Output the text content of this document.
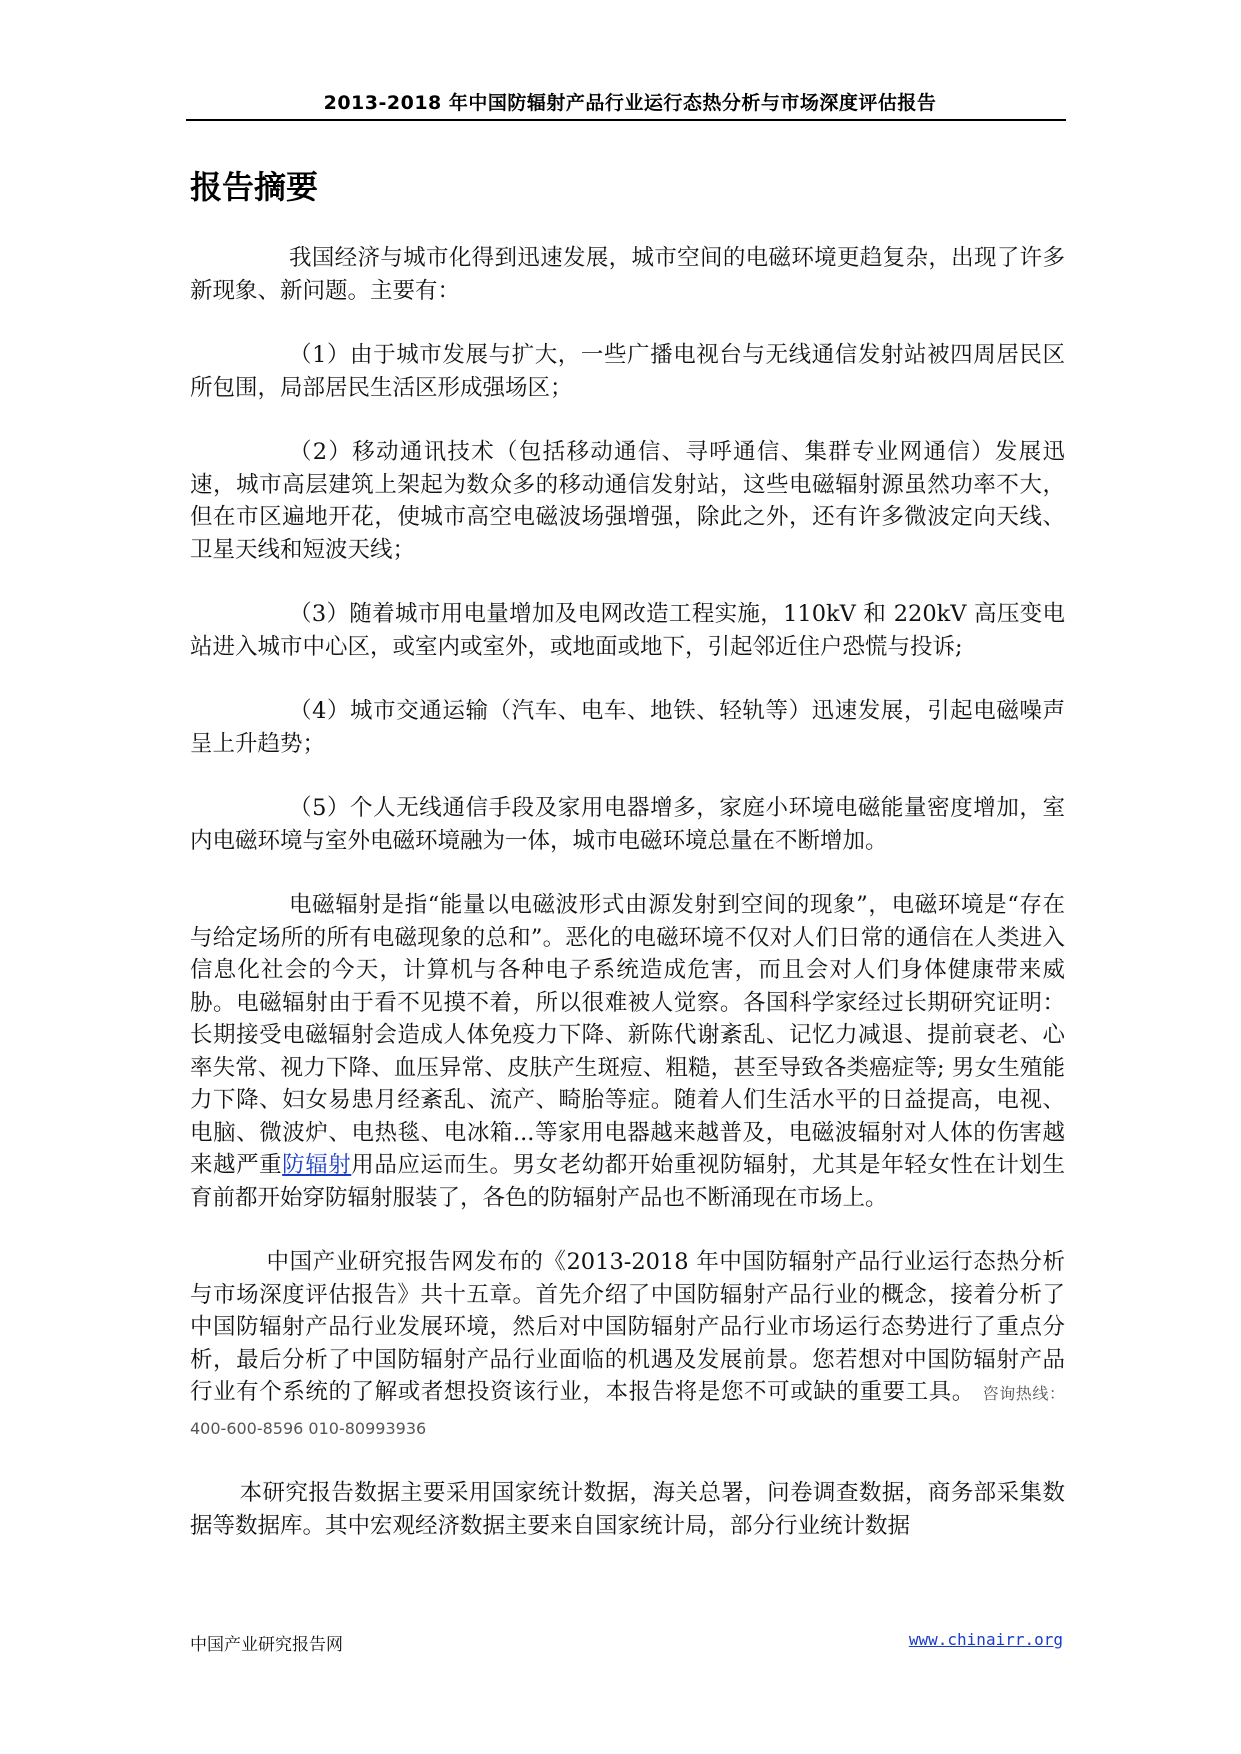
2013-2018 年中国防辐射产品行业运行态热分析与市场深度评估报告
报告摘要

我国经济与城市化得到迅速发展，城市空间的电磁环境更趋复杂，出现了许多新现象、新问题。主要有：

（1）由于城市发展与扩大，一些广播电视台与无线通信发射站被四周居民区所包围，局部居民生活区形成强场区；

（2）移动通讯技术（包括移动通信、寻呼通信、集群专业网通信）发展迅速，城市高层建筑上架起为数众多的移动通信发射站，这些电磁辐射源虽然功率不大，但在市区遍地开花，使城市高空电磁波场强增强，除此之外，还有许多微波定向天线、卫星天线和短波天线；

（3）随着城市用电量增加及电网改造工程实施，110kV 和 220kV 高压变电站进入城市中心区，或室内或室外，或地面或地下，引起邻近住户恐慌与投诉;

（4）城市交通运输（汽车、电车、地铁、轻轨等）迅速发展，引起电磁噪声呈上升趋势；

（5）个人无线通信手段及家用电器增多，家庭小环境电磁能量密度增加，室内电磁环境与室外电磁环境融为一体，城市电磁环境总量在不断增加。

电磁辐射是指“能量以电磁波形式由源发射到空间的现象”，电磁环境是“存在与给定场所的所有电磁现象的总和”。恶化的电磁环境不仅对人们日常的通信在人类进入信息化社会的今天，计算机与各种电子系统造成危害，而且会对人们身体健康带来威胁。电磁辐射由于看不见摸不着，所以很难被人觉察。各国科学家经过长期研究证明：长期接受电磁辐射会造成人体免疫力下降、新陈代谢紊乱、记忆力减退、提前衰老、心率失常、视力下降、血压异常、皮肤产生斑痘、粗糙，甚至导致各类癌症等; 男女生殖能力下降、妇女易患月经紊乱、流产、畸胎等症。随着人们生活水平的日益提高，电视、电脑、微波炉、电热毯、电冰箱...等家用电器越来越普及，电磁波辐射对人体的伤害越来越严重防辐射用品应运而生。男女老幼都开始重视防辐射，尤其是年轻女性在计划生育前都开始穿防辐射服装了，各色的防辐射产品也不断涌现在市场上。

中国产业研究报告网发布的《2013-2018 年中国防辐射产品行业运行态热分析与市场深度评估报告》共十五章。首先介绍了中国防辐射产品行业的概念，接着分析了中国防辐射产品行业发展环境，然后对中国防辐射产品行业市场运行态势进行了重点分析，最后分析了中国防辐射产品行业面临的机遇及发展前景。您若想对中国防辐射产品行业有个系统的了解或者想投资该行业，本报告将是您不可或缺的重要工具。 咨询热线：400-600-8596 010-80993936

本研究报告数据主要采用国家统计数据，海关总署，问卷调查数据，商务部采集数据等数据库。其中宏观经济数据主要来自国家统计局，部分行业统计数据

中国产业研究报告网	www.chinairr.org
